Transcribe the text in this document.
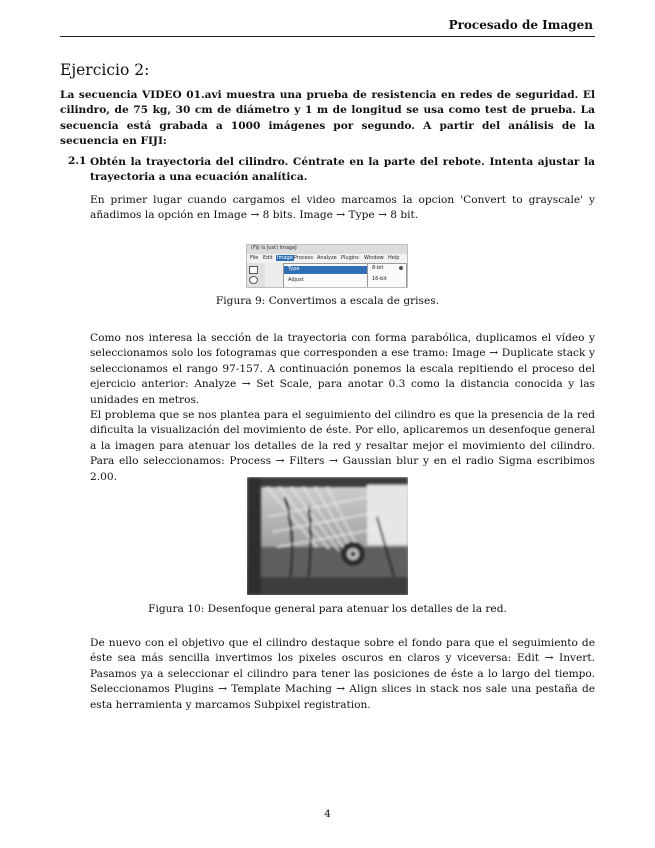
Procesado de Imagen
Ejercicio 2:
La secuencia VIDEO 01.avi muestra una prueba de resistencia en redes de seguridad. El cilindro, de 75 kg, 30 cm de diámetro y 1 m de longitud se usa como test de prueba. La secuencia está grabada a 1000 imágenes por segundo. A partir del análisis de la secuencia en FIJI:
2.1 Obtén la trayectoria del cilindro. Céntrate en la parte del rebote. Intenta ajustar la trayectoria a una ecuación analítica.
En primer lugar cuando cargamos el video marcamos la opcion 'Convert to grayscale' y añadimos la opción en Image → 8 bits. Image → Type → 8 bit.
(Fiji Is Just) ImageJ
File Edit Image Process Analyze Plugins Window Help
Type
Adjust
8-bit
16-bit
Figura 9: Convertimos a escala de grises.
Como nos interesa la sección de la trayectoria con forma parabólica, duplicamos el vídeo y seleccionamos solo los fotogramas que corresponden a ese tramo: Image → Duplicate stack y seleccionamos el rango 97-157. A continuación ponemos la escala repitiendo el proceso del ejercicio anterior: Analyze → Set Scale, para anotar 0.3 como la distancia conocida y las unidades en metros.
El problema que se nos plantea para el seguimiento del cilindro es que la presencia de la red dificulta la visualización del movimiento de éste. Por ello, aplicaremos un desenfoque general a la imagen para atenuar los detalles de la red y resaltar mejor el movimiento del cilindro. Para ello seleccionamos: Process → Filters → Gaussian blur y en el radio Sigma escribimos 2.00.
Figura 10: Desenfoque general para atenuar los detalles de la red.
De nuevo con el objetivo que el cilindro destaque sobre el fondo para que el seguimiento de éste sea más sencilla invertimos los pixeles oscuros en claros y viceversa: Edit → Invert. Pasamos ya a seleccionar el cilindro para tener las posiciones de éste a lo largo del tiempo. Seleccionamos Plugins → Template Maching → Align slices in stack nos sale una pestaña de esta herramienta y marcamos Subpixel registration.
4
